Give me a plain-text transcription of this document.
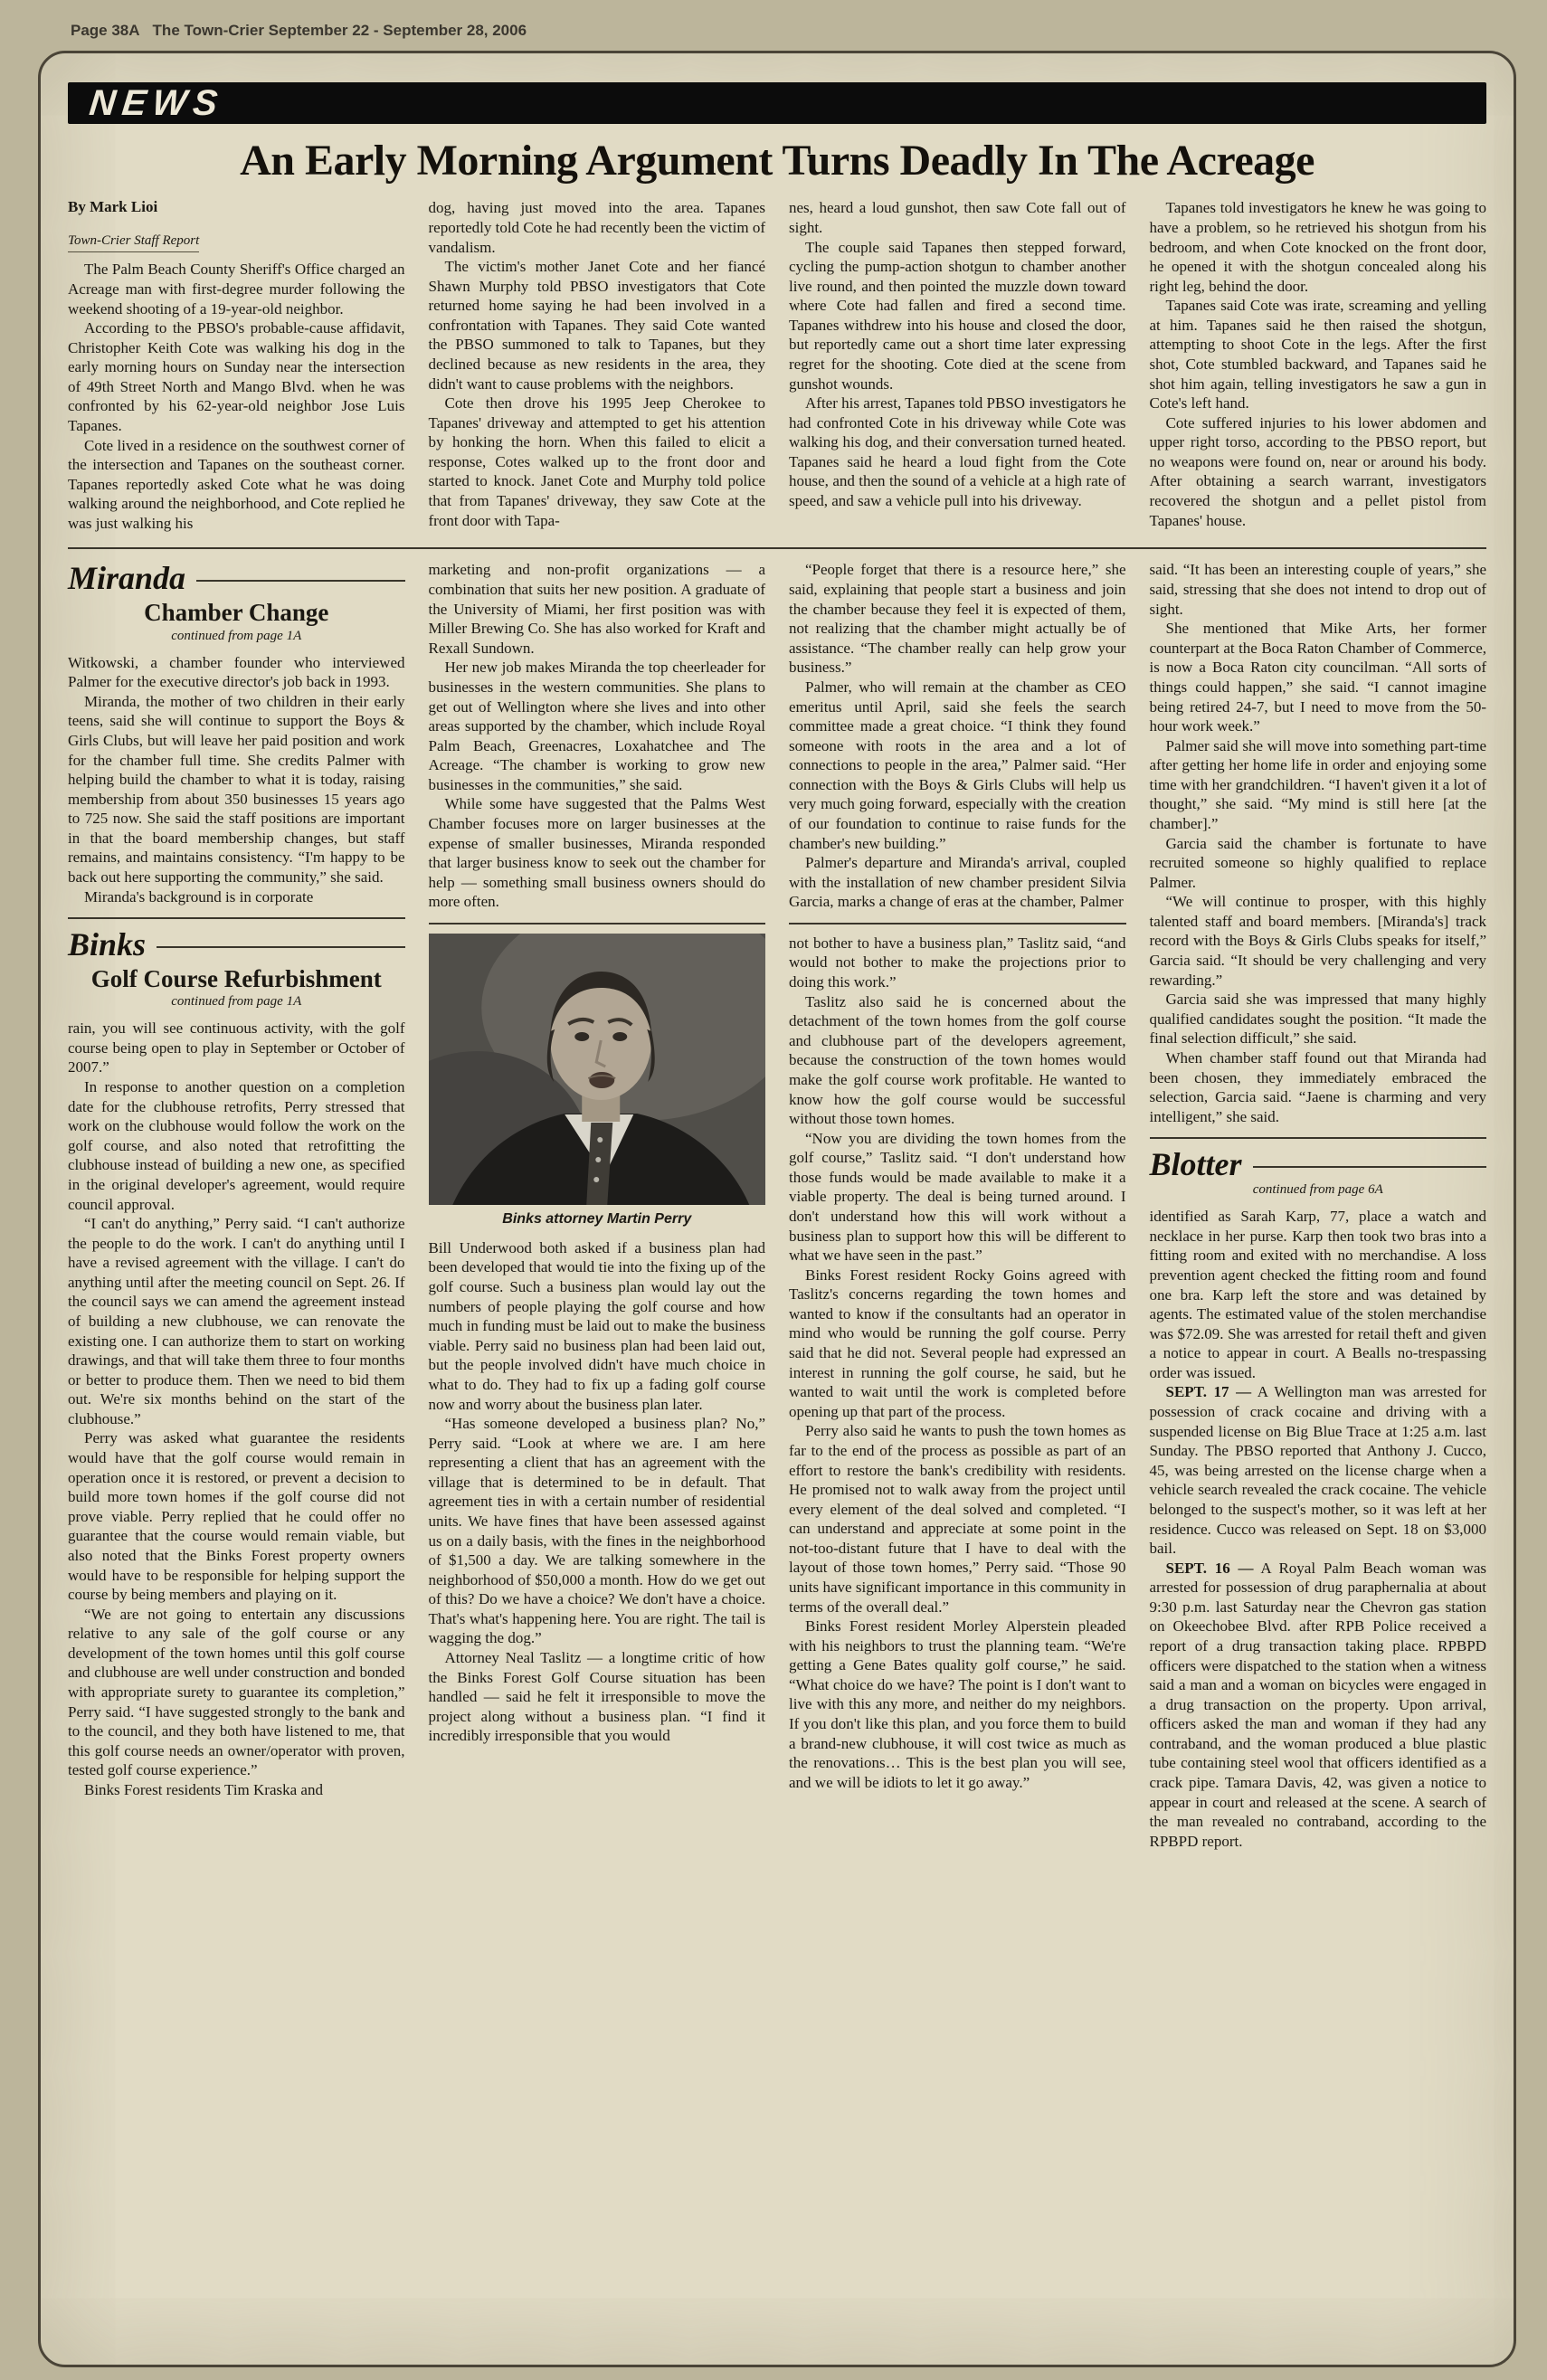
Page 38A The Town-Crier September 22 - September 28, 2006
NEWS
An Early Morning Argument Turns Deadly In The Acreage
By Mark Lioi

Town-Crier Staff Report

The Palm Beach County Sheriff's Office charged an Acreage man with first-degree murder following the weekend shooting of a 19-year-old neighbor.

According to the PBSO's probable-cause affidavit, Christopher Keith Cote was walking his dog in the early morning hours on Sunday near the intersection of 49th Street North and Mango Blvd. when he was confronted by his 62-year-old neighbor Jose Luis Tapanes.

Cote lived in a residence on the southwest corner of the intersection and Tapanes on the southeast corner. Tapanes reportedly asked Cote what he was doing walking around the neighborhood, and Cote replied he was just walking his

dog, having just moved into the area. Tapanes reportedly told Cote he had recently been the victim of vandalism.

The victim's mother Janet Cote and her fiancé Shawn Murphy told PBSO investigators that Cote returned home saying he had been involved in a confrontation with Tapanes. They said Cote wanted the PBSO summoned to talk to Tapanes, but they declined because as new residents in the area, they didn't want to cause problems with the neighbors.

Cote then drove his 1995 Jeep Cherokee to Tapanes' driveway and attempted to get his attention by honking the horn. When this failed to elicit a response, Cotes walked up to the front door and started to knock. Janet Cote and Murphy told police that from Tapanes' driveway, they saw Cote at the front door with Tapa-

nes, heard a loud gunshot, then saw Cote fall out of sight.

The couple said Tapanes then stepped forward, cycling the pump-action shotgun to chamber another live round, and then pointed the muzzle down toward where Cote had fallen and fired a second time. Tapanes withdrew into his house and closed the door, but reportedly came out a short time later expressing regret for the shooting. Cote died at the scene from gunshot wounds.

After his arrest, Tapanes told PBSO investigators he had confronted Cote in his driveway while Cote was walking his dog, and their conversation turned heated. Tapanes said he heard a loud fight from the Cote house, and then the sound of a vehicle at a high rate of speed, and saw a vehicle pull into his driveway.

Tapanes told investigators he knew he was going to have a problem, so he retrieved his shotgun from his bedroom, and when Cote knocked on the front door, he opened it with the shotgun concealed along his right leg, behind the door.

Tapanes said Cote was irate, screaming and yelling at him. Tapanes said he then raised the shotgun, attempting to shoot Cote in the legs. After the first shot, Cote stumbled backward, and Tapanes said he shot him again, telling investigators he saw a gun in Cote's left hand.

Cote suffered injuries to his lower abdomen and upper right torso, according to the PBSO report, but no weapons were found on, near or around his body. After obtaining a search warrant, investigators recovered the shotgun and a pellet pistol from Tapanes' house.

Miranda
Chamber Change
continued from page 1A

Witkowski, a chamber founder who interviewed Palmer for the executive director's job back in 1993.

Miranda, the mother of two children in their early teens, said she will continue to support the Boys & Girls Clubs, but will leave her paid position and work for the chamber full time. She credits Palmer with helping build the chamber to what it is today, raising membership from about 350 businesses 15 years ago to 725 now. She said the staff positions are important in that the board membership changes, but staff remains, and maintains consistency. “I'm happy to be back out here supporting the community,” she said.

Miranda's background is in corporate

Binks
Golf Course Refurbishment
continued from page 1A

rain, you will see continuous activity, with the golf course being open to play in September or October of 2007.”

In response to another question on a completion date for the clubhouse retrofits, Perry stressed that work on the clubhouse would follow the work on the golf course, and also noted that retrofitting the clubhouse instead of building a new one, as specified in the original developer's agreement, would require council approval.

“I can't do anything,” Perry said. “I can't authorize the people to do the work. I can't do anything until I have a revised agreement with the village. I can't do anything until after the meeting council on Sept. 26. If the council says we can amend the agreement instead of building a new clubhouse, we can renovate the existing one. I can authorize them to start on working drawings, and that will take them three to four months or better to produce them. Then we need to bid them out. We're six months behind on the start of the clubhouse.”

Perry was asked what guarantee the residents would have that the golf course would remain in operation once it is restored, or prevent a decision to build more town homes if the golf course did not prove viable. Perry replied that he could offer no guarantee that the course would remain viable, but also noted that the Binks Forest property owners would have to be responsible for helping support the course by being members and playing on it.

“We are not going to entertain any discussions relative to any sale of the golf course or any development of the town homes until this golf course and clubhouse are well under construction and bonded with appropriate surety to guarantee its completion,” Perry said. “I have suggested strongly to the bank and to the council, and they both have listened to me, that this golf course needs an owner/operator with proven, tested golf course experience.”

Binks Forest residents Tim Kraska and

marketing and non-profit organizations — a combination that suits her new position. A graduate of the University of Miami, her first position was with Miller Brewing Co. She has also worked for Kraft and Rexall Sundown.

Her new job makes Miranda the top cheerleader for businesses in the western communities. She plans to get out of Wellington where she lives and into other areas supported by the chamber, which include Royal Palm Beach, Greenacres, Loxahatchee and The Acreage. “The chamber is working to grow new businesses in the communities,” she said.

While some have suggested that the Palms West Chamber focuses more on larger businesses at the expense of smaller businesses, Miranda responded that larger business know to seek out the chamber for help — something small business owners should do more often.

Binks attorney Martin Perry

Bill Underwood both asked if a business plan had been developed that would tie into the fixing up of the golf course. Such a business plan would lay out the numbers of people playing the golf course and how much in funding must be laid out to make the business viable. Perry said no business plan had been laid out, but the people involved didn't have much choice in what to do. They had to fix up a fading golf course now and worry about the business plan later.

“Has someone developed a business plan? No,” Perry said. “Look at where we are. I am here representing a client that has an agreement with the village that is determined to be in default. That agreement ties in with a certain number of residential units. We have fines that have been assessed against us on a daily basis, with the fines in the neighborhood of $1,500 a day. We are talking somewhere in the neighborhood of $50,000 a month. How do we get out of this? Do we have a choice? We don't have a choice. That's what's happening here. You are right. The tail is wagging the dog.”

Attorney Neal Taslitz — a longtime critic of how the Binks Forest Golf Course situation has been handled — said he felt it irresponsible to move the project along without a business plan. “I find it incredibly irresponsible that you would

“People forget that there is a resource here,” she said, explaining that people start a business and join the chamber because they feel it is expected of them, not realizing that the chamber might actually be of assistance. “The chamber really can help grow your business.”

Palmer, who will remain at the chamber as CEO emeritus until April, said she feels the search committee made a great choice. “I think they found someone with roots in the area and a lot of connections to people in the area,” Palmer said. “Her connection with the Boys & Girls Clubs will help us very much going forward, especially with the creation of our foundation to continue to raise funds for the chamber's new building.”

Palmer's departure and Miranda's arrival, coupled with the installation of new chamber president Silvia Garcia, marks a change of eras at the chamber, Palmer

not bother to have a business plan,” Taslitz said, “and would not bother to make the projections prior to doing this work.”

Taslitz also said he is concerned about the detachment of the town homes from the golf course and clubhouse part of the developers agreement, because the construction of the town homes would make the golf course work profitable. He wanted to know how the golf course would be successful without those town homes.

“Now you are dividing the town homes from the golf course,” Taslitz said. “I don't understand how those funds would be made available to make it a viable property. The deal is being turned around. I don't understand how this will work without a business plan to support how this will be different to what we have seen in the past.”

Binks Forest resident Rocky Goins agreed with Taslitz's concerns regarding the town homes and wanted to know if the consultants had an operator in mind who would be running the golf course. Perry said that he did not. Several people had expressed an interest in running the golf course, he said, but he wanted to wait until the work is completed before opening up that part of the process.

Perry also said he wants to push the town homes as far to the end of the process as possible as part of an effort to restore the bank's credibility with residents. He promised not to walk away from the project until every element of the deal solved and completed. “I can understand and appreciate at some point in the not-too-distant future that I have to deal with the layout of those town homes,” Perry said. “Those 90 units have significant importance in this community in terms of the overall deal.”

Binks Forest resident Morley Alperstein pleaded with his neighbors to trust the planning team. “We're getting a Gene Bates quality golf course,” he said. “What choice do we have? The point is I don't want to live with this any more, and neither do my neighbors. If you don't like this plan, and you force them to build a brand-new clubhouse, it will cost twice as much as the renovations… This is the best plan you will see, and we will be idiots to let it go away.”

said. “It has been an interesting couple of years,” she said, stressing that she does not intend to drop out of sight.

She mentioned that Mike Arts, her former counterpart at the Boca Raton Chamber of Commerce, is now a Boca Raton city councilman. “All sorts of things could happen,” she said. “I cannot imagine being retired 24-7, but I need to move from the 50-hour work week.”

Palmer said she will move into something part-time after getting her home life in order and enjoying some time with her grandchildren. “I haven't given it a lot of thought,” she said. “My mind is still here [at the chamber].”

Garcia said the chamber is fortunate to have recruited someone so highly qualified to replace Palmer.

“We will continue to prosper, with this highly talented staff and board members. [Miranda's] track record with the Boys & Girls Clubs speaks for itself,” Garcia said. “It should be very challenging and very rewarding.”

Garcia said she was impressed that many highly qualified candidates sought the position. “It made the final selection difficult,” she said.

When chamber staff found out that Miranda had been chosen, they immediately embraced the selection, Garcia said. “Jaene is charming and very intelligent,” she said.

Blotter
continued from page 6A

identified as Sarah Karp, 77, place a watch and necklace in her purse. Karp then took two bras into a fitting room and exited with no merchandise. A loss prevention agent checked the fitting room and found one bra. Karp left the store and was detained by agents. The estimated value of the stolen merchandise was $72.09. She was arrested for retail theft and given a notice to appear in court. A Bealls no-trespassing order was issued.

SEPT. 17 — A Wellington man was arrested for possession of crack cocaine and driving with a suspended license on Big Blue Trace at 1:25 a.m. last Sunday. The PBSO reported that Anthony J. Cucco, 45, was being arrested on the license charge when a vehicle search revealed the crack cocaine. The vehicle belonged to the suspect's mother, so it was left at her residence. Cucco was released on Sept. 18 on $3,000 bail.

SEPT. 16 — A Royal Palm Beach woman was arrested for possession of drug paraphernalia at about 9:30 p.m. last Saturday near the Chevron gas station on Okeechobee Blvd. after RPB Police received a report of a drug transaction taking place. RPBPD officers were dispatched to the station when a witness said a man and a woman on bicycles were engaged in a drug transaction on the property. Upon arrival, officers asked the man and woman if they had any contraband, and the woman produced a blue plastic tube containing steel wool that officers identified as a crack pipe. Tamara Davis, 42, was given a notice to appear in court and released at the scene. A search of the man revealed no contraband, according to the RPBPD report.
